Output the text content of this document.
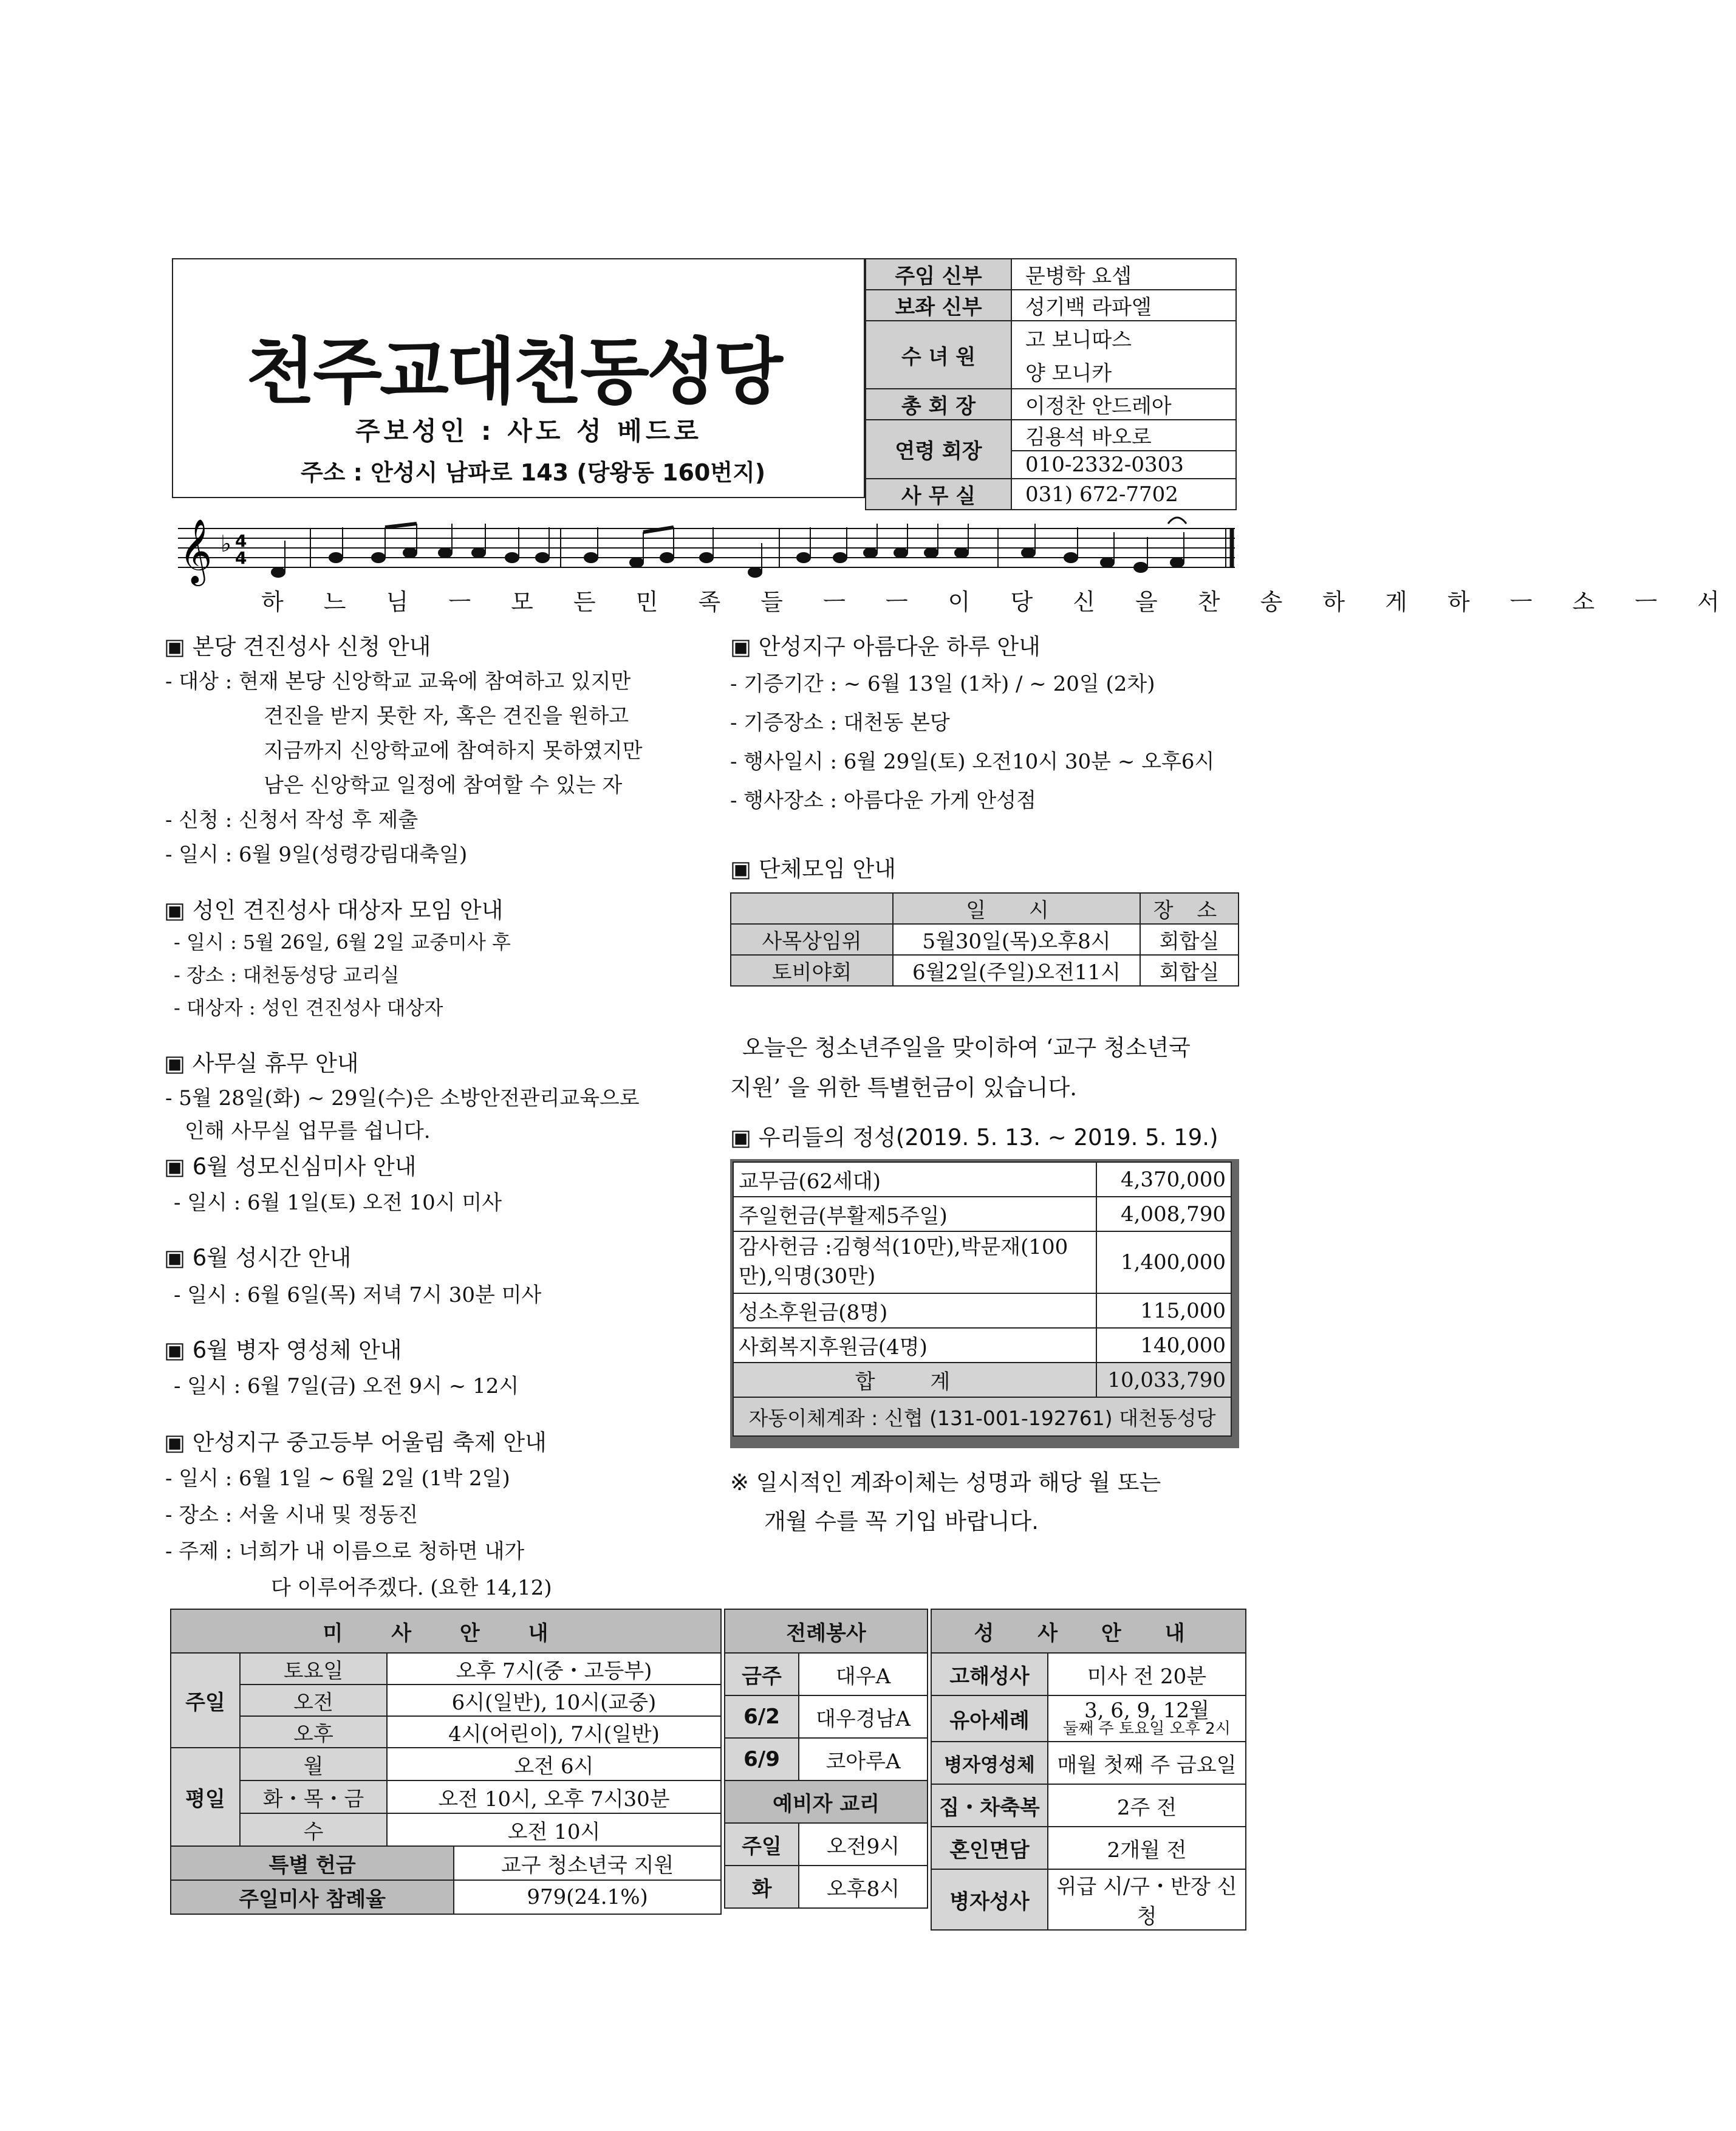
천주교대천동성당
주보성인 : 사도 성 베드로
주소 : 안성시 남파로 143 (당왕동 160번지)
주임 신부	문병학 요셉
보좌 신부	성기백 라파엘
수 녀 원	고 보니따스
	양 모니카
총 회 장	이정찬 안드레아
연령 회장	김용석 바오로
	010-2332-0303
사 무 실	031) 672-7702
𝄞 ♭ 4
4
하 느 님 ㅡ 모 든 민 족 들 ㅡ ㅡ 이 당 신 을 찬 송 하 게 하 ㅡ 소 ㅡ 서
▣ 본당 견진성사 신청 안내
- 대상 : 현재 본당 신앙학교 교육에 참여하고 있지만
견진을 받지 못한 자, 혹은 견진을 원하고
지금까지 신앙학교에 참여하지 못하였지만
남은 신앙학교 일정에 참여할 수 있는 자
- 신청 : 신청서 작성 후 제출
- 일시 : 6월 9일(성령강림대축일)
▣ 성인 견진성사 대상자 모임 안내
- 일시 : 5월 26일, 6월 2일 교중미사 후
- 장소 : 대천동성당 교리실
- 대상자 : 성인 견진성사 대상자
▣ 사무실 휴무 안내
- 5월 28일(화) ~ 29일(수)은 소방안전관리교육으로
인해 사무실 업무를 쉽니다.
▣ 6월 성모신심미사 안내
- 일시 : 6월 1일(토) 오전 10시 미사
▣ 6월 성시간 안내
- 일시 : 6월 6일(목) 저녁 7시 30분 미사
▣ 6월 병자 영성체 안내
- 일시 : 6월 7일(금) 오전 9시 ~ 12시
▣ 안성지구 중고등부 어울림 축제 안내
- 일시 : 6월 1일 ~ 6월 2일 (1박 2일)
- 장소 : 서울 시내 및 정동진
- 주제 : 너희가 내 이름으로 청하면 내가
다 이루어주겠다. (요한 14,12)
▣ 안성지구 아름다운 하루 안내
- 기증기간 : ~ 6월 13일 (1차) / ~ 20일 (2차)
- 기증장소 : 대천동 본당
- 행사일시 : 6월 29일(토) 오전10시 30분 ~ 오후6시
- 행사장소 : 아름다운 가게 안성점
▣ 단체모임 안내
	일 시	장 소
사목상임위	5월30일(목)오후8시	회합실
토비야회	6월2일(주일)오전11시	회합실
오늘은 청소년주일을 맞이하여 ‘교구 청소년국
지원’ 을 위한 특별헌금이 있습니다.
▣ 우리들의 정성(2019. 5. 13. ~ 2019. 5. 19.)
교무금(62세대)	4,370,000
주일헌금(부활제5주일)	4,008,790
감사헌금 :김형석(10만),박문재(100만),익명(30만)	1,400,000
성소후원금(8명)	115,000
사회복지후원금(4명)	140,000
합 계	10,033,790
자동이체계좌 : 신협 (131-001-192761) 대천동성당	
※ 일시적인 계좌이체는 성명과 해당 월 또는
개월 수를 꼭 기입 바랍니다.
미 사 안 내			
주일	토요일	오후 7시(중・고등부)	
	오전	6시(일반), 10시(교중)	
	오후	4시(어린이), 7시(일반)	
평일	월	오전 6시	
	화・목・금	오전 10시, 오후 7시30분	
	수	오전 10시	
특별 헌금			교구 청소년국 지원
주일미사 참례율			979(24.1%)
전례봉사	
금주	대우A
6/2	대우경남A
6/9	코아루A
예비자 교리	
주일	오전9시
화	오후8시
성 사 안 내	
고해성사	미사 전 20분
유아세례	3, 6, 9, 12월
둘째 주 토요일 오후 2시

병자영성체	매월 첫째 주 금요일
집・차축복	2주 전
혼인면담	2개월 전
병자성사	위급 시/구・반장 신청
